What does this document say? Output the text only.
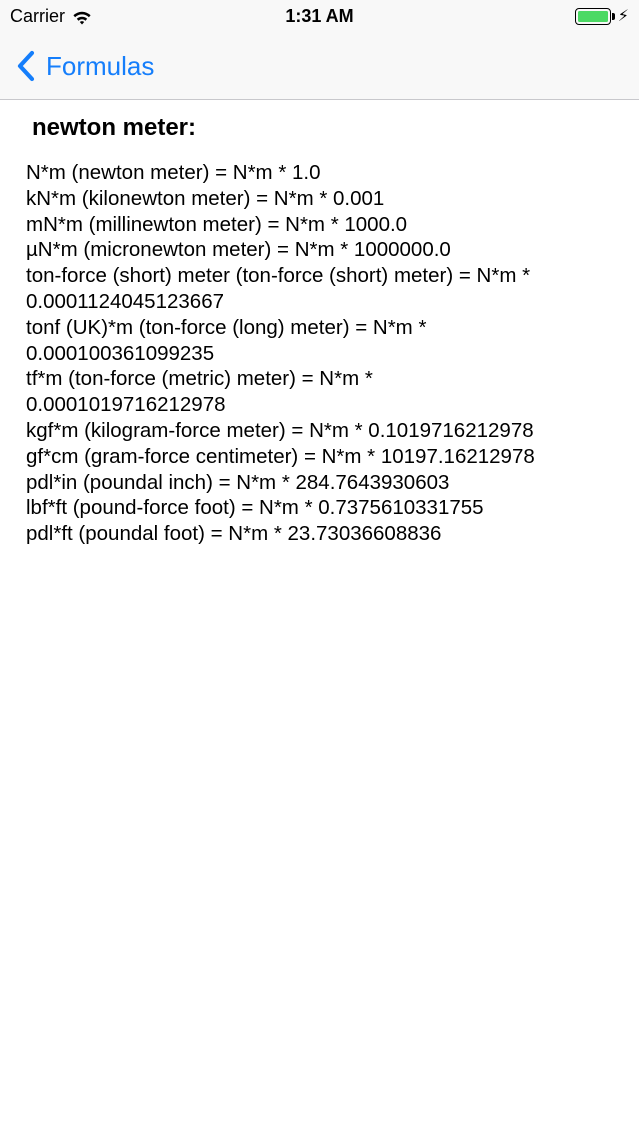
Carrier	1:31 AM	⚡︎
Formulas
newton meter:
N*m (newton meter) = N*m * 1.0
kN*m (kilonewton meter) = N*m * 0.001
mN*m (millinewton meter) = N*m * 1000.0
µN*m (micronewton meter) = N*m * 1000000.0
ton-force (short) meter (ton-force (short) meter) = N*m *
0.0001124045123667
tonf (UK)*m (ton-force (long) meter) = N*m *
0.000100361099235
tf*m (ton-force (metric) meter) = N*m *
0.0001019716212978
kgf*m (kilogram-force meter) = N*m * 0.1019716212978
gf*cm (gram-force centimeter) = N*m * 10197.16212978
pdl*in (poundal inch) = N*m * 284.7643930603
lbf*ft (pound-force foot) = N*m * 0.7375610331755
pdl*ft (poundal foot) = N*m * 23.73036608836
